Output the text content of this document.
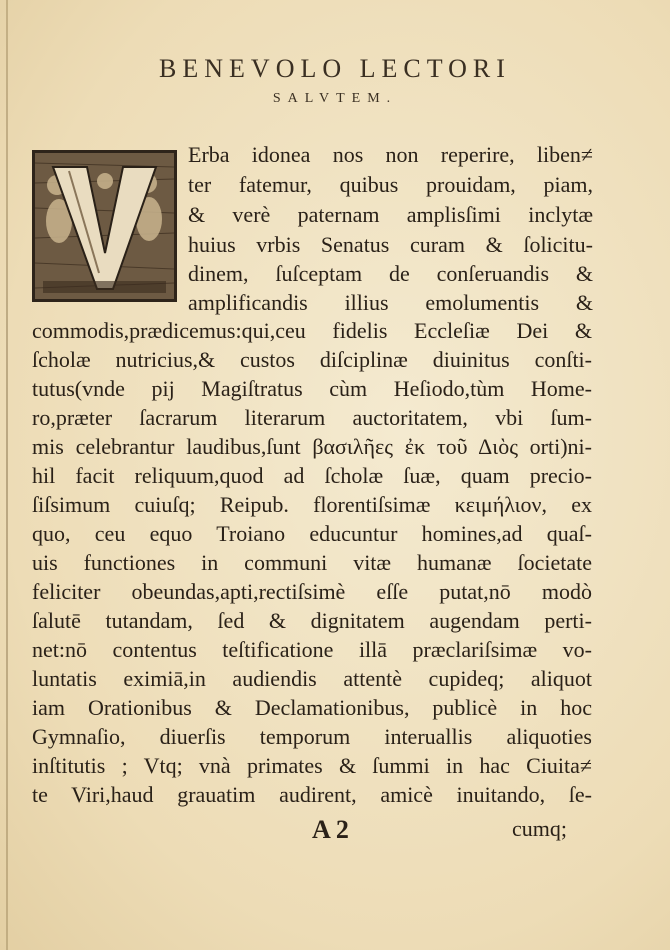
BENEVOLO LECTORI
SALVTEM.
Erba idonea nos non reperire, liben≠
ter fatemur, quibus prouidam, piam,
& verè paternam amplisſimi inclytæ
huius vrbis Senatus curam & ſolicitu-
dinem, ſuſceptam de conſeruandis &
amplificandis illius emolumentis &
commodis,prædicemus:qui,ceu fidelis Eccleſiæ Dei &
ſcholæ nutricius,& custos diſciplinæ diuinitus conſti-
tutus(vnde pij Magiſtratus cùm Heſiodo,tùm Home-
ro,præter ſacrarum literarum auctoritatem, vbi ſum-
mis celebrantur laudibus,ſunt βασιλῆες ἐκ τοῦ Διὸς orti)ni-
hil facit reliquum,quod ad ſcholæ ſuæ, quam precio-
ſiſsimum cuiuſq; Reipub. florentiſsimæ κειμήλιον, ex
quo, ceu equo Troiano educuntur homines,ad quaſ-
uis functiones in communi vitæ humanæ ſocietate
feliciter obeundas,apti,rectiſsimè eſſe putat,nō modò
ſalutē tutandam, ſed & dignitatem augendam perti-
net:nō contentus teſtificatione illā præclariſsimæ vo-
luntatis eximiā,in audiendis attentè cupideq; aliquot
iam Orationibus & Declamationibus, publicè in hoc
Gymnaſio, diuerſis temporum interuallis aliquoties
inſtitutis ; Vtq; vnà primates & ſummi in hac Ciuita≠
te Viri,haud grauatim audirent, amicè inuitando, ſe-
A 2	cumq;
